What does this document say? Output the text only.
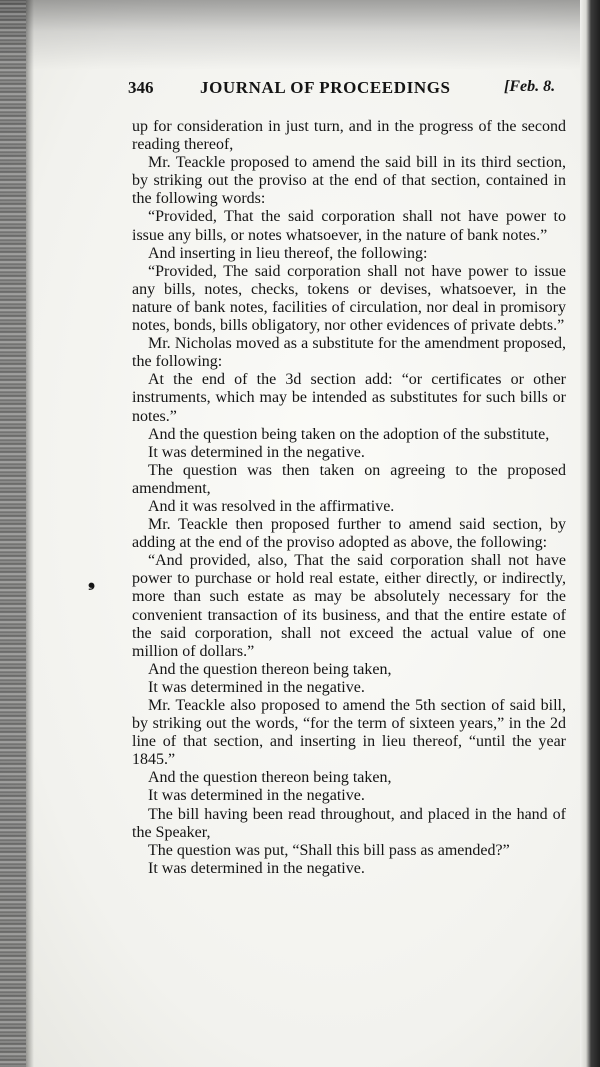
346	JOURNAL OF PROCEEDINGS	[Feb. 8.
❟

up for consideration in just turn, and in the progress of the second reading thereof,

Mr. Teackle proposed to amend the said bill in its third section, by striking out the proviso at the end of that section, contained in the following words:

“Provided, That the said corporation shall not have power to issue any bills, or notes whatsoever, in the nature of bank notes.”

And inserting in lieu thereof, the following:

“Provided, The said corporation shall not have power to issue any bills, notes, checks, tokens or devises, whatsoever, in the nature of bank notes, facilities of circulation, nor deal in promisory notes, bonds, bills obligatory, nor other evidences of private debts.”

Mr. Nicholas moved as a substitute for the amendment proposed, the following:

At the end of the 3d section add: “or certificates or other instruments, which may be intended as substitutes for such bills or notes.”

And the question being taken on the adoption of the substitute,

It was determined in the negative.

The question was then taken on agreeing to the proposed amendment,

And it was resolved in the affirmative.

Mr. Teackle then proposed further to amend said section, by adding at the end of the proviso adopted as above, the following:

“And provided, also, That the said corporation shall not have power to purchase or hold real estate, either directly, or indirectly, more than such estate as may be absolutely necessary for the convenient transaction of its business, and that the entire estate of the said corporation, shall not exceed the actual value of one million of dollars.”

And the question thereon being taken,

It was determined in the negative.

Mr. Teackle also proposed to amend the 5th section of said bill, by striking out the words, “for the term of sixteen years,” in the 2d line of that section, and inserting in lieu thereof, “until the year 1845.”

And the question thereon being taken,

It was determined in the negative.

The bill having been read throughout, and placed in the hand of the Speaker,

The question was put, “Shall this bill pass as amended?”

It was determined in the negative.
